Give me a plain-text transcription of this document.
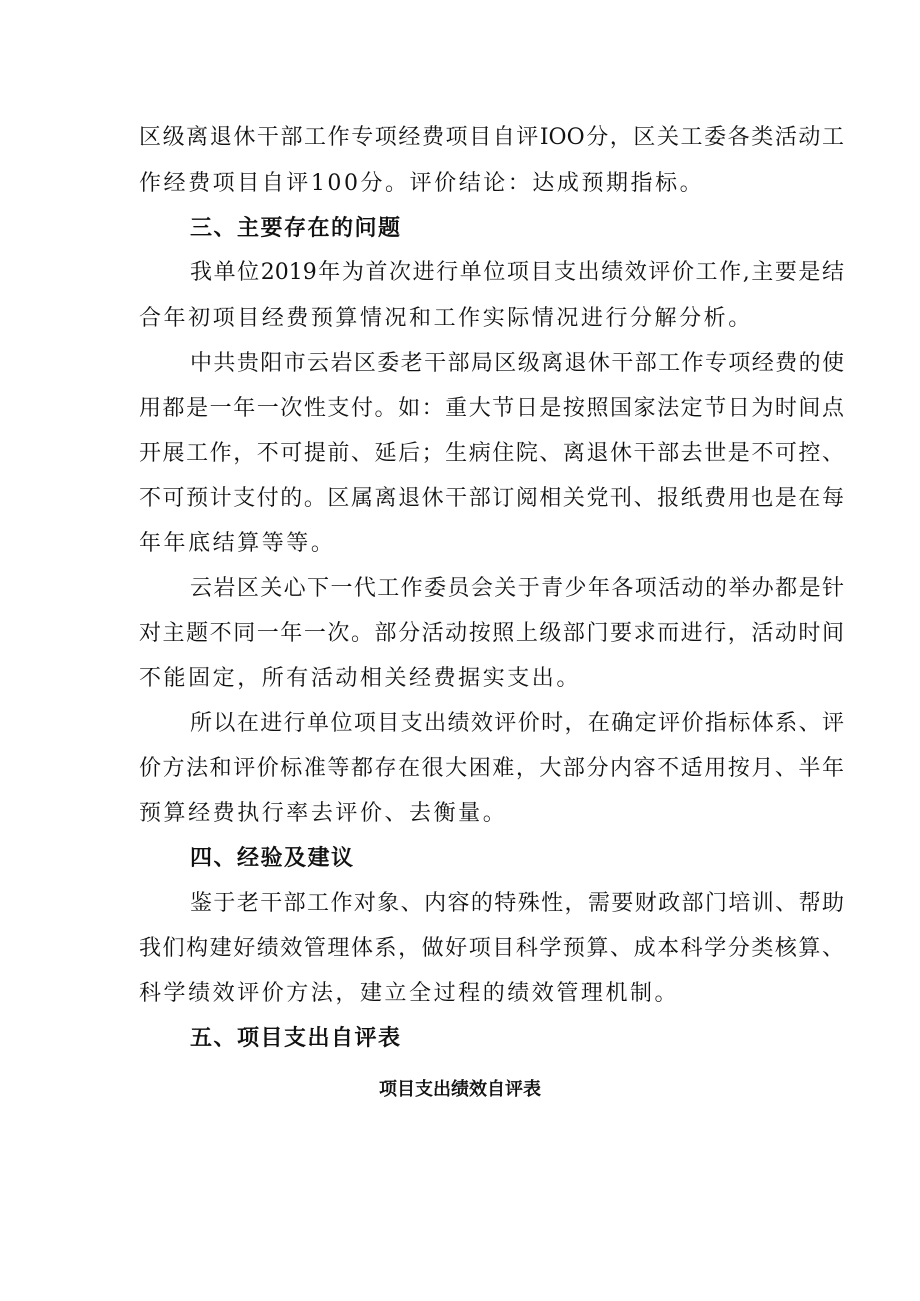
区级离退休干部工作专项经费项目自评IOO分，区关工委各类活动工
作经费项目自评100分。评价结论：达成预期指标。
三、主要存在的问题
我单位2019年为首次进行单位项目支出绩效评价工作,主要是结
合年初项目经费预算情况和工作实际情况进行分解分析。
中共贵阳市云岩区委老干部局区级离退休干部工作专项经费的使
用都是一年一次性支付。如：重大节日是按照国家法定节日为时间点
开展工作，不可提前、延后；生病住院、离退休干部去世是不可控、
不可预计支付的。区属离退休干部订阅相关党刊、报纸费用也是在每
年年底结算等等。
云岩区关心下一代工作委员会关于青少年各项活动的举办都是针
对主题不同一年一次。部分活动按照上级部门要求而进行，活动时间
不能固定，所有活动相关经费据实支出。
所以在进行单位项目支出绩效评价时，在确定评价指标体系、评
价方法和评价标准等都存在很大困难，大部分内容不适用按月、半年
预算经费执行率去评价、去衡量。
四、经验及建议
鉴于老干部工作对象、内容的特殊性，需要财政部门培训、帮助
我们构建好绩效管理体系，做好项目科学预算、成本科学分类核算、
科学绩效评价方法，建立全过程的绩效管理机制。
五、项目支出自评表
项目支出绩效自评表
